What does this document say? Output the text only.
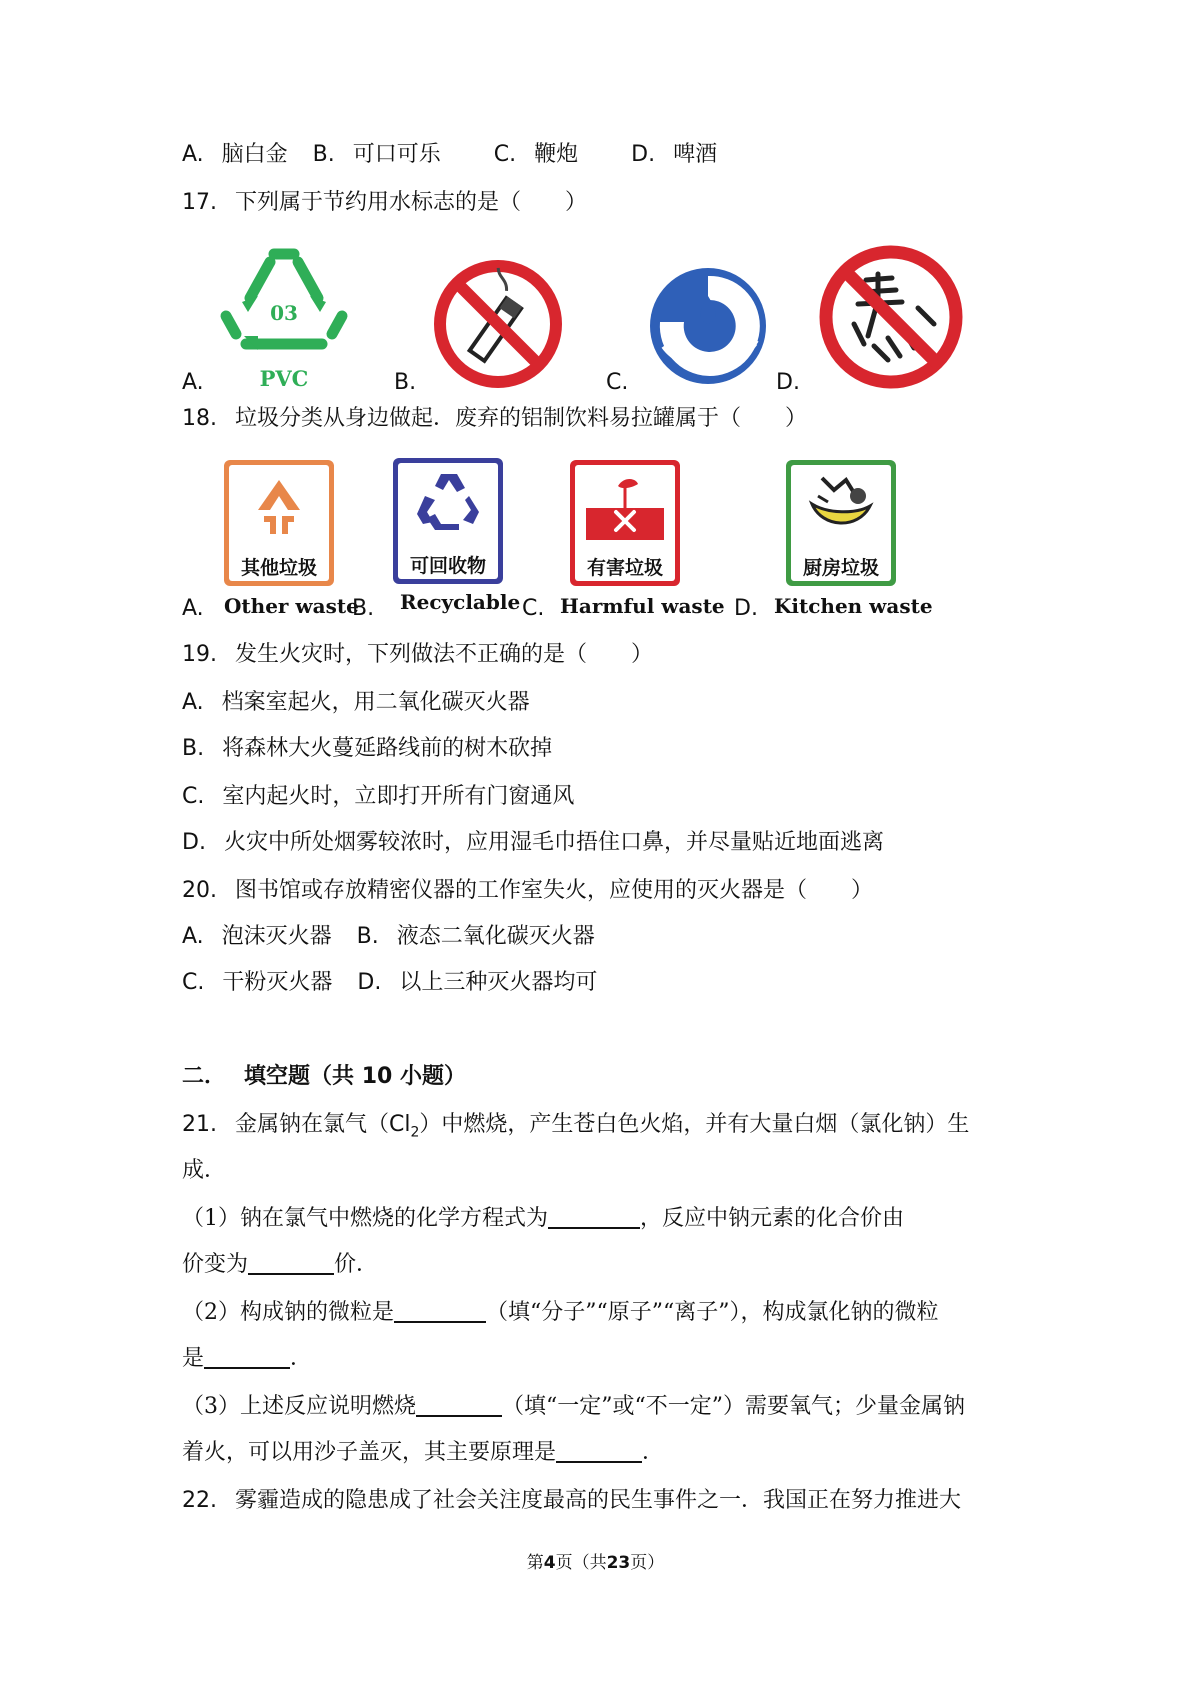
A. 脑白金 B. 可口可乐 C. 鞭炮 D. 啤酒
17. 下列属于节约用水标志的是（　　）
03
PVC
A.	B.	C.	D.
18. 垃圾分类从身边做起．废弃的铝制饮料易拉罐属于（　　）
其他垃圾
A. Other waste
可回收物
B. Recyclable
有害垃圾
C. Harmful waste
厨房垃圾
D. Kitchen waste
19. 发生火灾时，下列做法不正确的是（　　）
A. 档案室起火，用二氧化碳灭火器
B. 将森林大火蔓延路线前的树木砍掉
C. 室内起火时，立即打开所有门窗通风
D. 火灾中所处烟雾较浓时，应用湿毛巾捂住口鼻，并尽量贴近地面逃离
20. 图书馆或存放精密仪器的工作室失火，应使用的灭火器是（　　）
A. 泡沫灭火器 B. 液态二氧化碳灭火器
C. 干粉灭火器 D. 以上三种灭火器均可
二． 填空题（共 10 小题）
21. 金属钠在氯气$(Cl_2)$中燃烧，产生苍白色火焰，并有大量白烟（氯化钠）生
成．
（1）钠在氯气中燃烧的化学方程式为	，反应中钠元素的化合价由
价变为	价．
（2）构成钠的微粒是	（填“分子”“原子”“离子”），构成氯化钠的微粒
是	．
（3）上述反应说明燃烧	（填“一定”或“不一定”）需要氧气；少量金属钠
着火，可以用沙子盖灭，其主要原理是	．
22. 雾霾造成的隐患成了社会关注度最高的民生事件之一．我国正在努力推进大
第4页（共23页）
